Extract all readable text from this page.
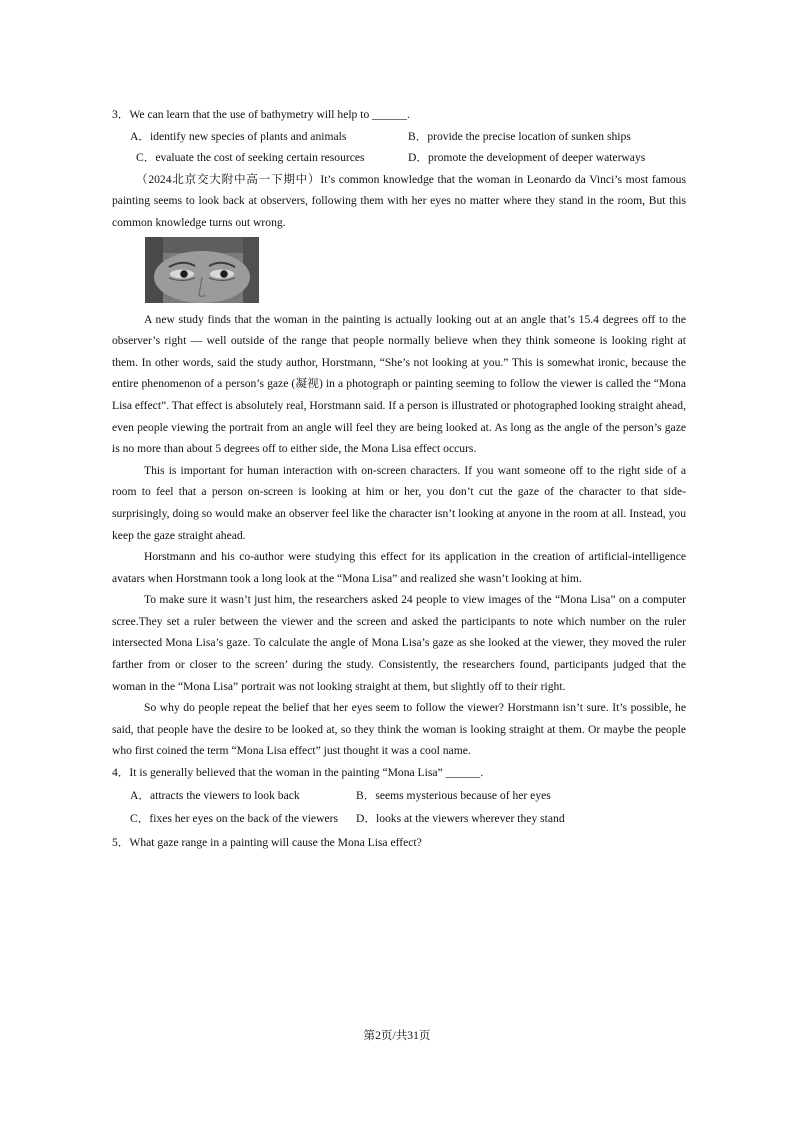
3．We can learn that the use of bathymetry will help to ______.

A．identify new species of plants and animals	B．provide the precise location of sunken ships
C．evaluate the cost of seeking certain resources	D．promote the development of deeper waterways

（2024北京交大附中高一下期中）It’s common knowledge that the woman in Leonardo da Vinci’s most famous painting seems to look back at observers, following them with her eyes no matter where they stand in the room, But this common knowledge turns out wrong.

A new study finds that the woman in the painting is actually looking out at an angle that’s 15.4 degrees off to the observer’s right — well outside of the range that people normally believe when they think someone is looking right at them. In other words, said the study author, Horstmann, “She’s not looking at you.” This is somewhat ironic, because the entire phenomenon of a person’s gaze (凝视) in a photograph or painting seeming to follow the viewer is called the “Mona Lisa effect”. That effect is absolutely real, Horstmann said. If a person is illustrated or photographed looking straight ahead, even people viewing the portrait from an angle will feel they are being looked at. As long as the angle of the person’s gaze is no more than about 5 degrees off to either side, the Mona Lisa effect occurs.

This is important for human interaction with on-screen characters. If you want someone off to the right side of a room to feel that a person on-screen is looking at him or her, you don’t cut the gaze of the character to that side-surprisingly, doing so would make an observer feel like the character isn’t looking at anyone in the room at all. Instead, you keep the gaze straight ahead.

Horstmann and his co-author were studying this effect for its application in the creation of artificial-intelligence avatars when Horstmann took a long look at the “Mona Lisa” and realized she wasn’t looking at him.

To make sure it wasn’t just him, the researchers asked 24 people to view images of the “Mona Lisa” on a computer scree.They set a ruler between the viewer and the screen and asked the participants to note which number on the ruler intersected Mona Lisa’s gaze. To calculate the angle of Mona Lisa’s gaze as she looked at the viewer, they moved the ruler farther from or closer to the screen’ during the study. Consistently, the researchers found, participants judged that the woman in the “Mona Lisa” portrait was not looking straight at them, but slightly off to their right.

So why do people repeat the belief that her eyes seem to follow the viewer? Horstmann isn’t sure. It’s possible, he said, that people have the desire to be looked at, so they think the woman is looking straight at them. Or maybe the people who first coined the term “Mona Lisa effect” just thought it was a cool name.

4．It is generally believed that the woman in the painting “Mona Lisa” ______.

A．attracts the viewers to look back	B．seems mysterious because of her eyes
C．fixes her eyes on the back of the viewers	D．looks at the viewers wherever they stand

5．What gaze range in a painting will cause the Mona Lisa effect?

第2页/共31页
